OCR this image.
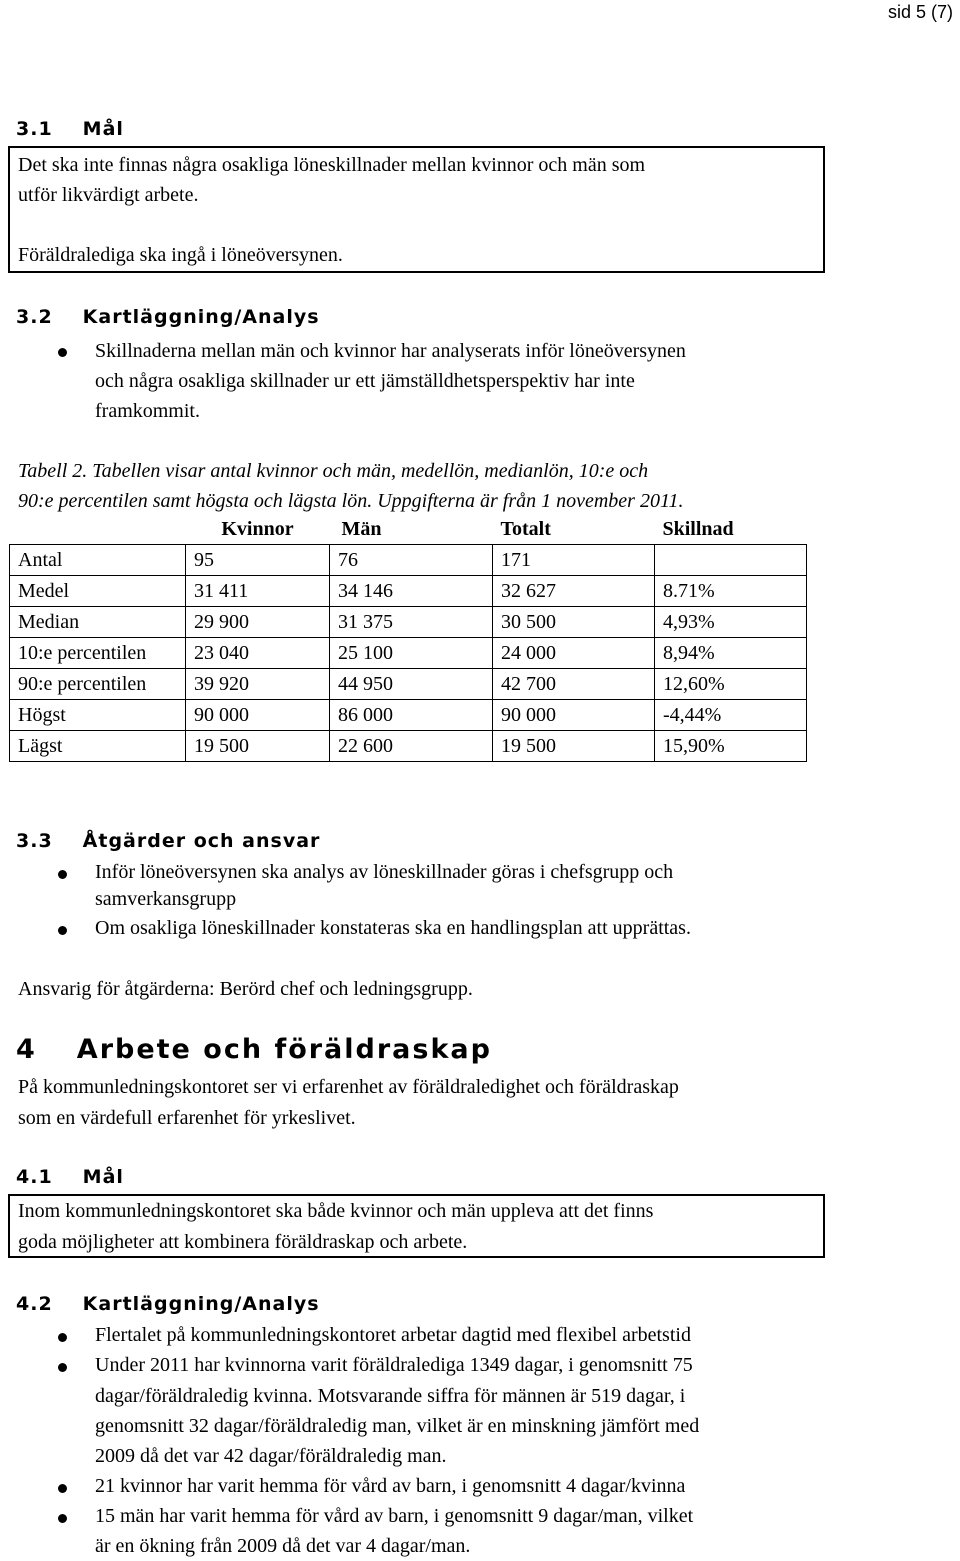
sid 5 (7)
3.1 Mål
Det ska inte finnas några osakliga löneskillnader mellan kvinnor och män som
utför likvärdigt arbete.
Föräldralediga ska ingå i löneöversynen.
3.2 Kartläggning/Analys
Skillnaderna mellan män och kvinnor har analyserats inför löneöversynen
och några osakliga skillnader ur ett jämställdhetsperspektiv har inte
framkommit.
Tabell 2. Tabellen visar antal kvinnor och män, medellön, medianlön, 10:e och
90:e percentilen samt högsta och lägsta lön. Uppgifterna är från 1 november 2011.
	Kvinnor	Män	Totalt	Skillnad
Antal	95	76	171	
Medel	31 411	34 146	32 627	8.71%
Median	29 900	31 375	30 500	4,93%
10:e percentilen	23 040	25 100	24 000	8,94%
90:e percentilen	39 920	44 950	42 700	12,60%
Högst	90 000	86 000	90 000	-4,44%
Lägst	19 500	22 600	19 500	15,90%
3.3 Åtgärder och ansvar
Inför löneöversynen ska analys av löneskillnader göras i chefsgrupp och
samverkansgrupp
Om osakliga löneskillnader konstateras ska en handlingsplan att upprättas.
Ansvarig för åtgärderna: Berörd chef och ledningsgrupp.
4 Arbete och föräldraskap
På kommunledningskontoret ser vi erfarenhet av föräldraledighet och föräldraskap
som en värdefull erfarenhet för yrkeslivet.
4.1 Mål
Inom kommunledningskontoret ska både kvinnor och män uppleva att det finns
goda möjligheter att kombinera föräldraskap och arbete.
4.2 Kartläggning/Analys
Flertalet på kommunledningskontoret arbetar dagtid med flexibel arbetstid
Under 2011 har kvinnorna varit föräldralediga 1349 dagar, i genomsnitt 75
dagar/föräldraledig kvinna. Motsvarande siffra för männen är 519 dagar, i
genomsnitt 32 dagar/föräldraledig man, vilket är en minskning jämfört med
2009 då det var 42 dagar/föräldraledig man.
21 kvinnor har varit hemma för vård av barn, i genomsnitt 4 dagar/kvinna
15 män har varit hemma för vård av barn, i genomsnitt 9 dagar/man, vilket
är en ökning från 2009 då det var 4 dagar/man.
